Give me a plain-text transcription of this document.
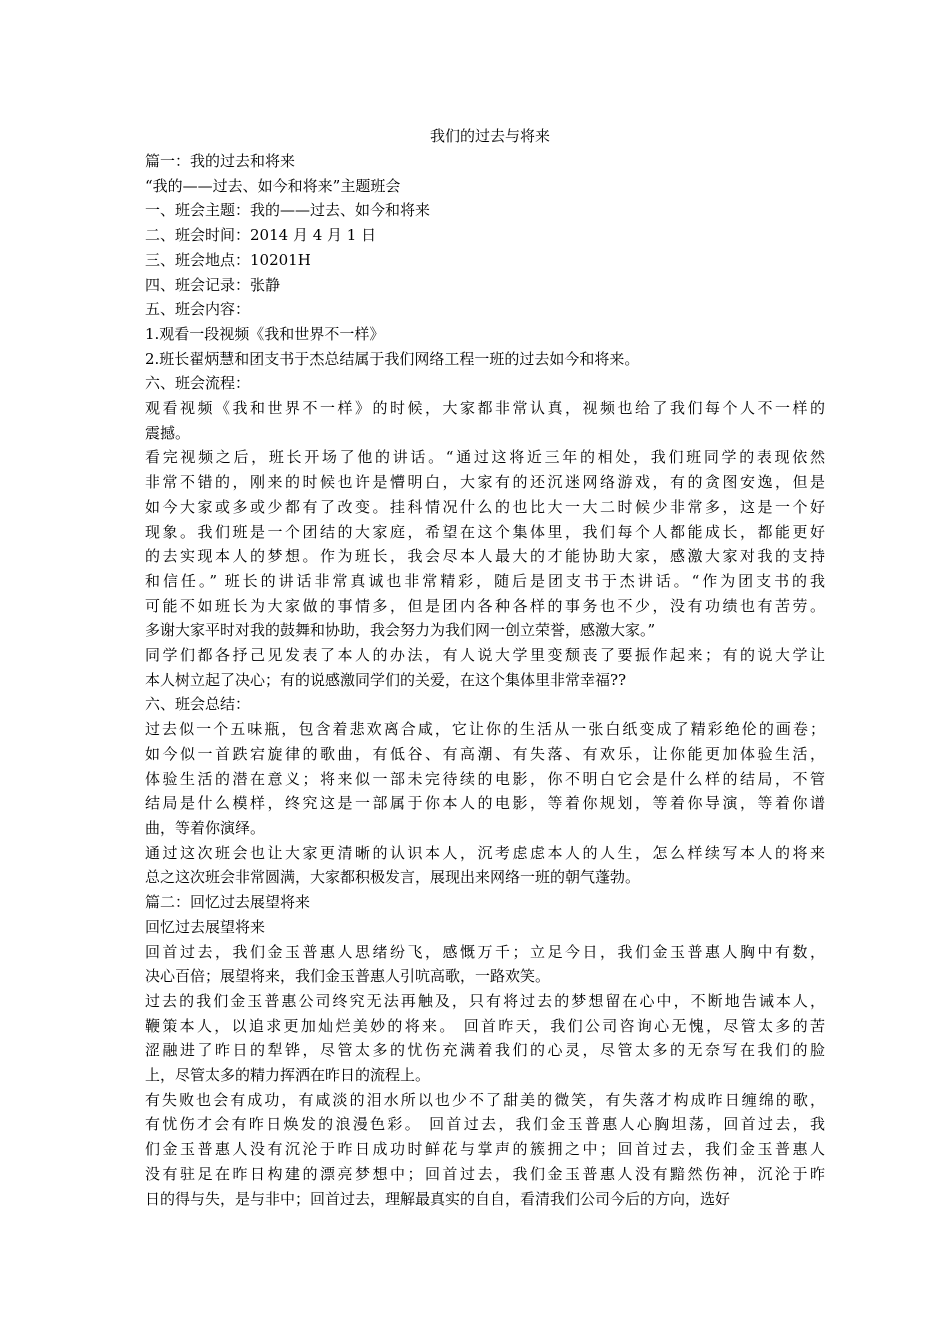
我们的过去与将来

篇一：我的过去和将来

“我的——过去、如今和将来”主题班会

一、班会主题：我的——过去、如今和将来

二、班会时间：2014 月 4 月 1 日

三、班会地点：10201H

四、班会记录：张静

五、班会内容：

1.观看一段视频《我和世界不一样》

2.班长翟炳慧和团支书于杰总结属于我们网络工程一班的过去如今和将来。

六、班会流程：

观看视频《我和世界不一样》的时候，大家都非常认真，视频也给了我们每个人不一样的
震撼。

看完视频之后，班长开场了他的讲话。“通过这将近三年的相处，我们班同学的表现依然
非常不错的，刚来的时候也许是懵明白，大家有的还沉迷网络游戏，有的贪图安逸，但是
如今大家或多或少都有了改变。挂科情况什么的也比大一大二时候少非常多，这是一个好
现象。我们班是一个团结的大家庭，希望在这个集体里，我们每个人都能成长，都能更好
的去实现本人的梦想。作为班长，我会尽本人最大的才能协助大家，感激大家对我的支持
和信任。” 班长的讲话非常真诚也非常精彩，随后是团支书于杰讲话。“作为团支书的我
可能不如班长为大家做的事情多，但是团内各种各样的事务也不少，没有功绩也有苦劳。
多谢大家平时对我的鼓舞和协助，我会努力为我们网一创立荣誉，感激大家。”

同学们都各抒己见发表了本人的办法，有人说大学里变颓丧了要振作起来；有的说大学让
本人树立起了决心；有的说感激同学们的关爱，在这个集体里非常幸福??

六、班会总结：

过去似一个五味瓶，包含着悲欢离合咸，它让你的生活从一张白纸变成了精彩绝伦的画卷；
如今似一首跌宕旋律的歌曲，有低谷、有高潮、有失落、有欢乐，让你能更加体验生活，
体验生活的潜在意义；将来似一部未完待续的电影，你不明白它会是什么样的结局，不管
结局是什么模样，终究这是一部属于你本人的电影，等着你规划，等着你导演，等着你谱
曲，等着你演绎。

通过这次班会也让大家更清晰的认识本人，沉考虑虑本人的人生，怎么样续写本人的将来
总之这次班会非常圆满，大家都积极发言，展现出来网络一班的朝气蓬勃。

篇二：回忆过去展望将来

回忆过去展望将来

回首过去，我们金玉普惠人思绪纷飞，感慨万千；立足今日，我们金玉普惠人胸中有数，
决心百倍；展望将来，我们金玉普惠人引吭高歌，一路欢笑。

过去的我们金玉普惠公司终究无法再触及，只有将过去的梦想留在心中，不断地告诫本人，
鞭策本人，以追求更加灿烂美妙的将来。 回首昨天，我们公司咨询心无愧，尽管太多的苦
涩融进了昨日的犁铧，尽管太多的忧伤充满着我们的心灵，尽管太多的无奈写在我们的脸
上，尽管太多的精力挥洒在昨日的流程上。

有失败也会有成功，有咸淡的泪水所以也少不了甜美的微笑，有失落才构成昨日缠绵的歌，
有忧伤才会有昨日焕发的浪漫色彩。 回首过去，我们金玉普惠人心胸坦荡，回首过去，我
们金玉普惠人没有沉沦于昨日成功时鲜花与掌声的簇拥之中；回首过去，我们金玉普惠人
没有驻足在昨日构建的漂亮梦想中；回首过去，我们金玉普惠人没有黯然伤神，沉沦于昨
日的得与失，是与非中；回首过去，理解最真实的自自，看清我们公司今后的方向，选好
